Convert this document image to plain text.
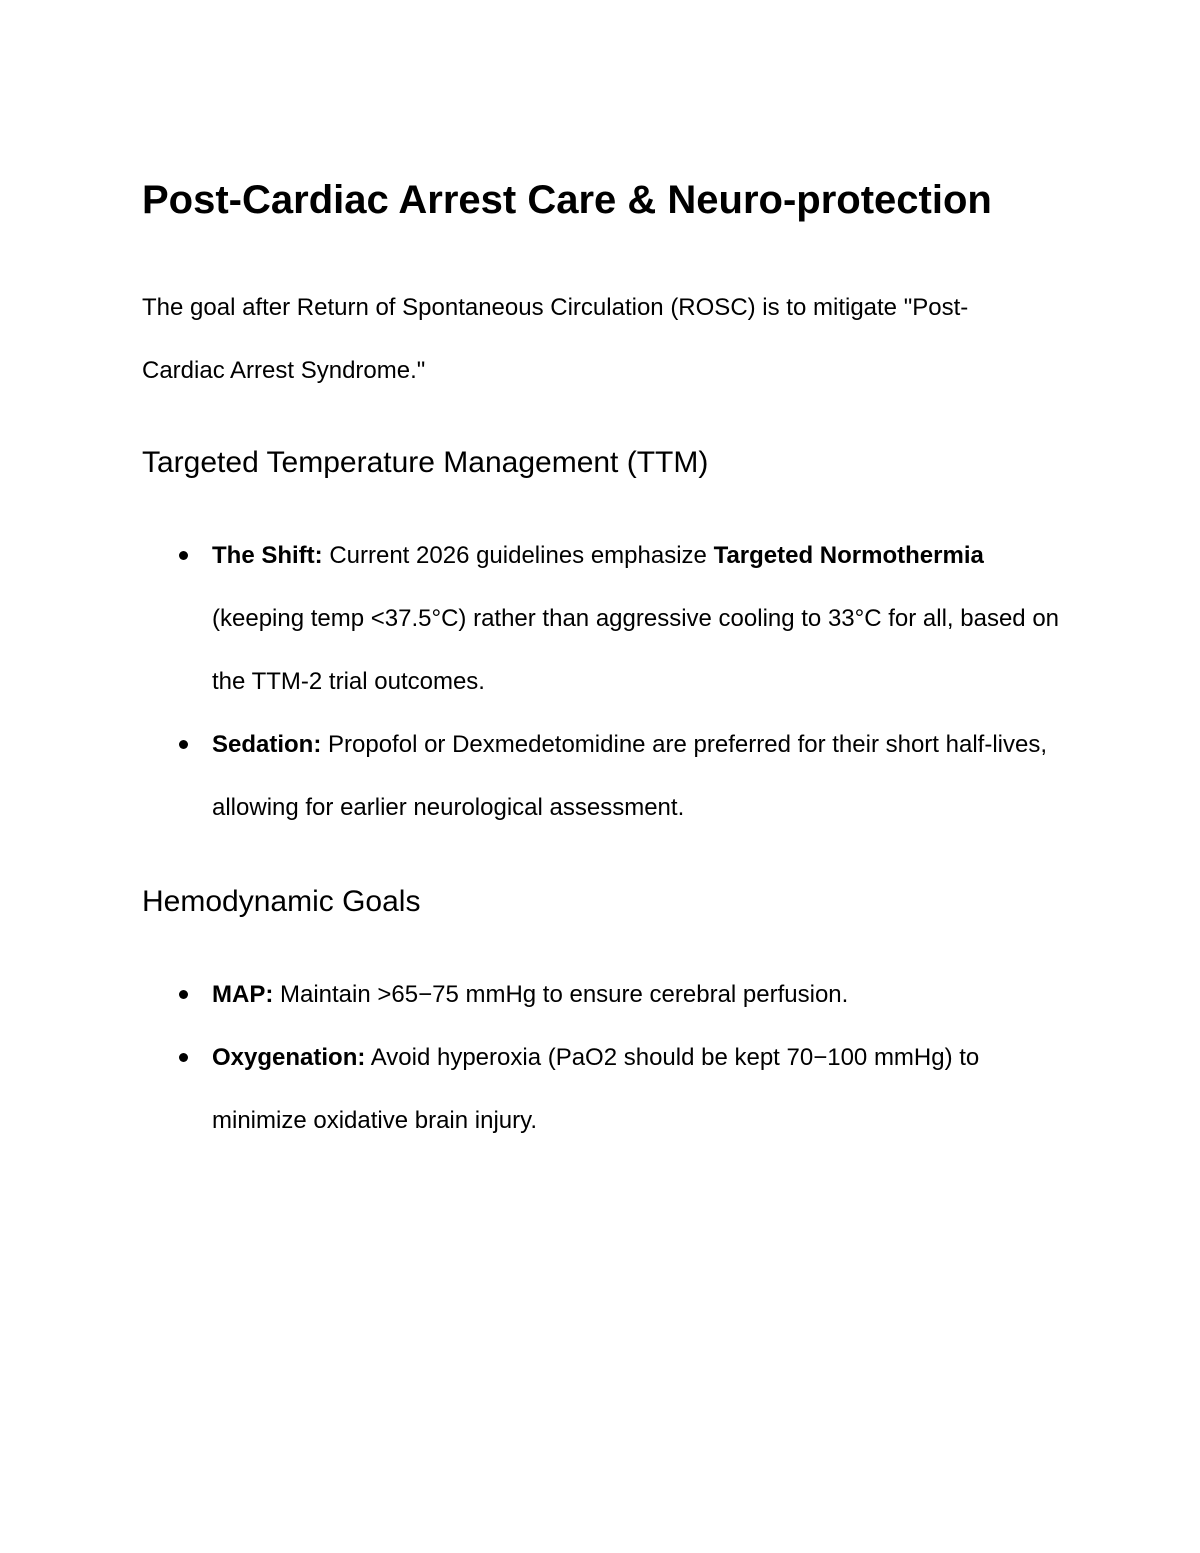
Post-Cardiac Arrest Care & Neuro-protection

The goal after Return of Spontaneous Circulation (ROSC) is to mitigate "Post-Cardiac Arrest Syndrome."

Targeted Temperature Management (TTM)
The Shift: Current 2026 guidelines emphasize Targeted Normothermia (keeping temp <37.5°C) rather than aggressive cooling to 33°C for all, based on the TTM-2 trial outcomes.
Sedation: Propofol or Dexmedetomidine are preferred for their short half-lives, allowing for earlier neurological assessment.
Hemodynamic Goals
MAP: Maintain >65−75 mmHg to ensure cerebral perfusion.
Oxygenation: Avoid hyperoxia (PaO2 should be kept 70−100 mmHg) to minimize oxidative brain injury.
